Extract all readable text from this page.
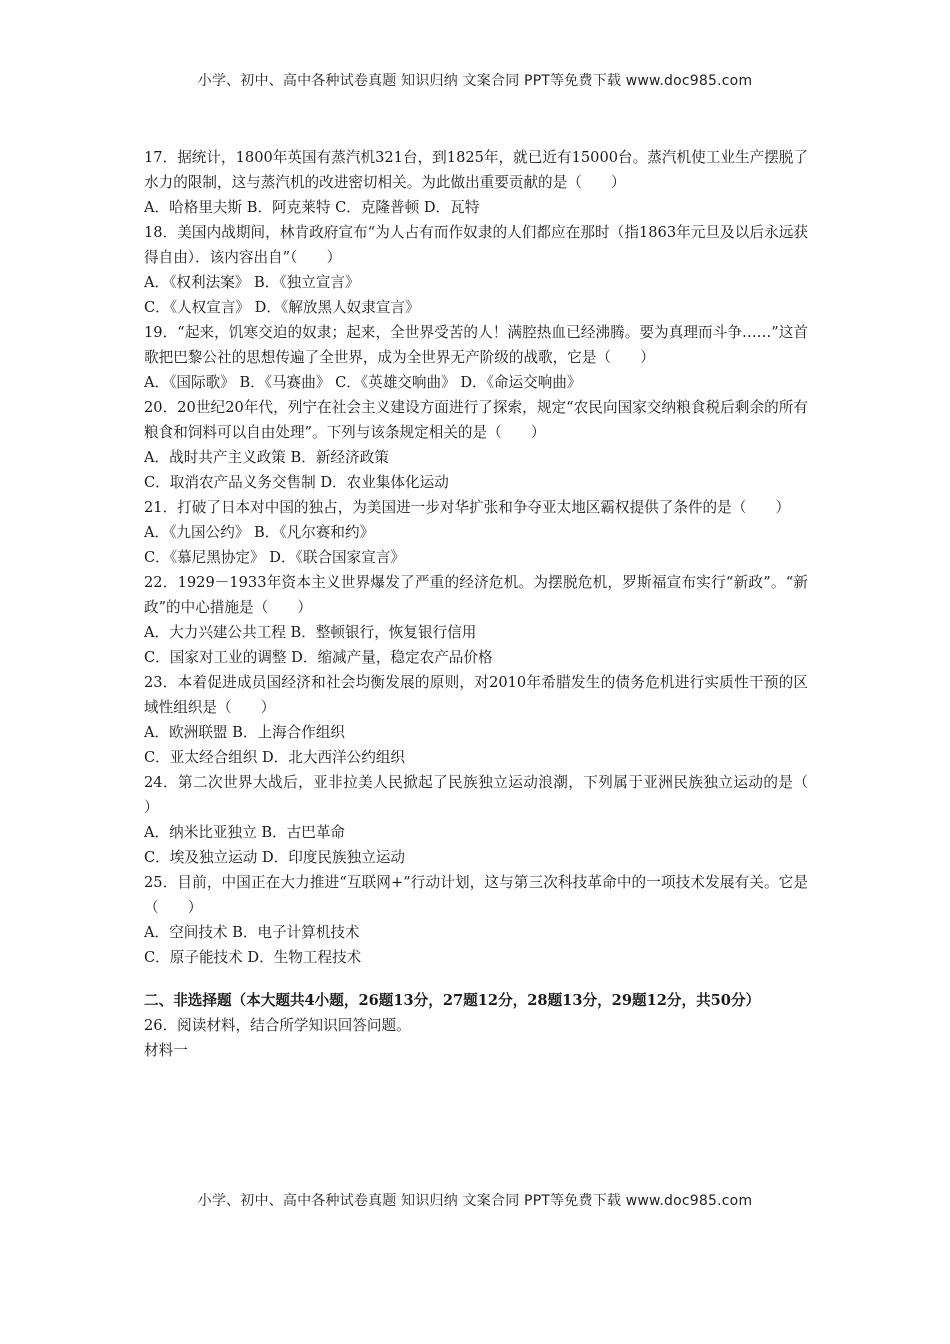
小学、初中、高中各种试卷真题 知识归纳 文案合同 PPT等免费下载 www.doc985.com

17．据统计，1800年英国有蒸汽机321台，到1825年，就已近有15000台。蒸汽机使工业生产摆脱了水力的限制，这与蒸汽机的改进密切相关。为此做出重要贡献的是（　　）

A．哈格里夫斯 B．阿克莱特 C．克隆普顿 D．瓦特

18．美国内战期间，林肯政府宣布“为人占有而作奴隶的人们都应在那时（指1863年元旦及以后永远获得自由）．该内容出自”（　　）

A．《权利法案》 B．《独立宣言》

C．《人权宣言》 D．《解放黑人奴隶宣言》

19．“起来，饥寒交迫的奴隶；起来，全世界受苦的人！满腔热血已经沸腾。要为真理而斗争……”这首歌把巴黎公社的思想传遍了全世界，成为全世界无产阶级的战歌，它是（　　）

A．《国际歌》 B．《马赛曲》 C．《英雄交响曲》 D．《命运交响曲》

20．20世纪20年代，列宁在社会主义建设方面进行了探索，规定“农民向国家交纳粮食税后剩余的所有粮食和饲料可以自由处理”。下列与该条规定相关的是（　　）

A．战时共产主义政策 B．新经济政策

C．取消农产品义务交售制 D．农业集体化运动

21．打破了日本对中国的独占，为美国进一步对华扩张和争夺亚太地区霸权提供了条件的是（　　）

A．《九国公约》 B．《凡尔赛和约》

C．《慕尼黑协定》 D．《联合国家宣言》

22．1929－1933年资本主义世界爆发了严重的经济危机。为摆脱危机，罗斯福宣布实行“新政”。“新政”的中心措施是（　　）

A．大力兴建公共工程 B．整顿银行，恢复银行信用

C．国家对工业的调整 D．缩减产量，稳定农产品价格

23．本着促进成员国经济和社会均衡发展的原则，对2010年希腊发生的债务危机进行实质性干预的区域性组织是（　　）

A．欧洲联盟 B．上海合作组织

C．亚太经合组织 D．北大西洋公约组织

24．第二次世界大战后，亚非拉美人民掀起了民族独立运动浪潮，下列属于亚洲民族独立运动的是（　　）

A．纳米比亚独立 B．古巴革命

C．埃及独立运动 D．印度民族独立运动

25．目前，中国正在大力推进“互联网+”行动计划，这与第三次科技革命中的一项技术发展有关。它是（　　）

A．空间技术 B．电子计算机技术

C．原子能技术 D．生物工程技术

二、非选择题（本大题共4小题，26题13分，27题12分，28题13分，29题12分，共50分）

26．阅读材料，结合所学知识回答问题。

材料一

小学、初中、高中各种试卷真题 知识归纳 文案合同 PPT等免费下载 www.doc985.com
